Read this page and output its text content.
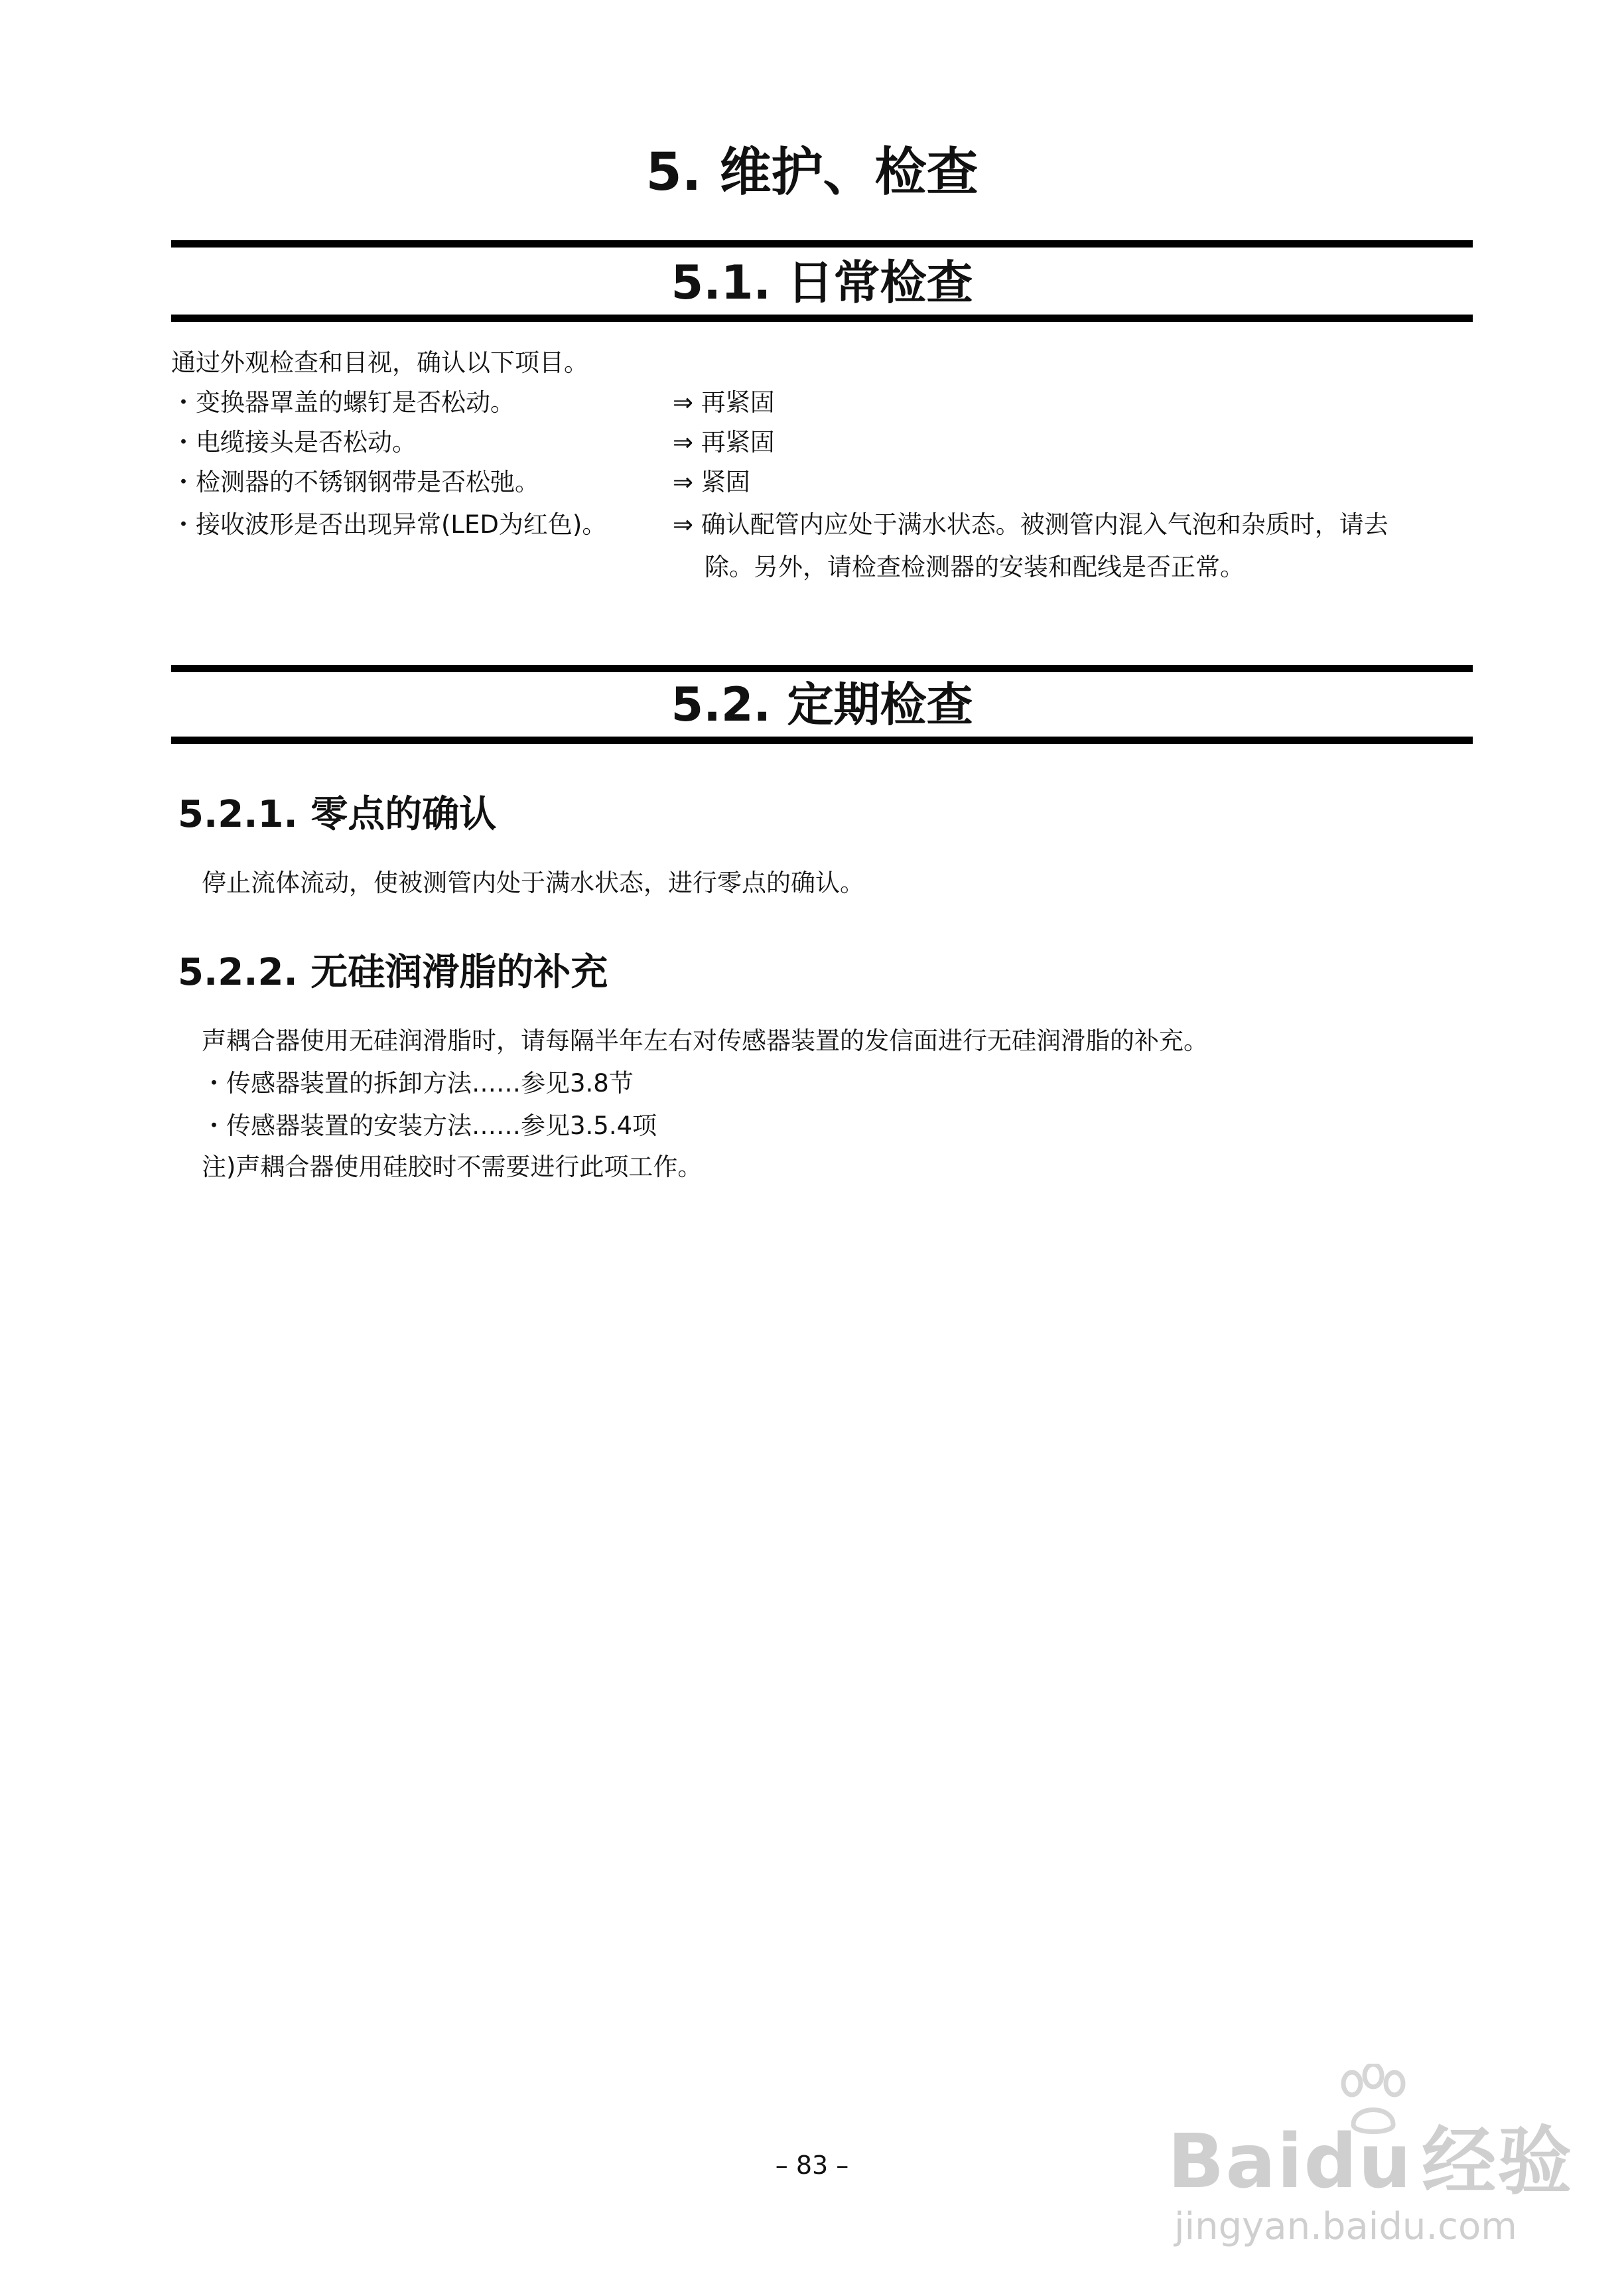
5. 维护、检查
5.1. 日常检查
通过外观检查和目视，确认以下项目。
・变换器罩盖的螺钉是否松动。	⇒ 再紧固
・电缆接头是否松动。	⇒ 再紧固
・检测器的不锈钢钢带是否松弛。	⇒ 紧固
・接收波形是否出现异常(LED为红色)。	⇒ 确认配管内应处于满水状态。被测管内混入气泡和杂质时，请去
除。另外，请检查检测器的安装和配线是否正常。
5.2. 定期检查
5.2.1. 零点的确认
停止流体流动，使被测管内处于满水状态，进行零点的确认。
5.2.2. 无硅润滑脂的补充
声耦合器使用无硅润滑脂时，请每隔半年左右对传感器装置的发信面进行无硅润滑脂的补充。
・传感器装置的拆卸方法……参见3.8节
・传感器装置的安装方法……参见3.5.4项
注)声耦合器使用硅胶时不需要进行此项工作。
– 83 –	Baidu 经验
jingyan.baidu.com
